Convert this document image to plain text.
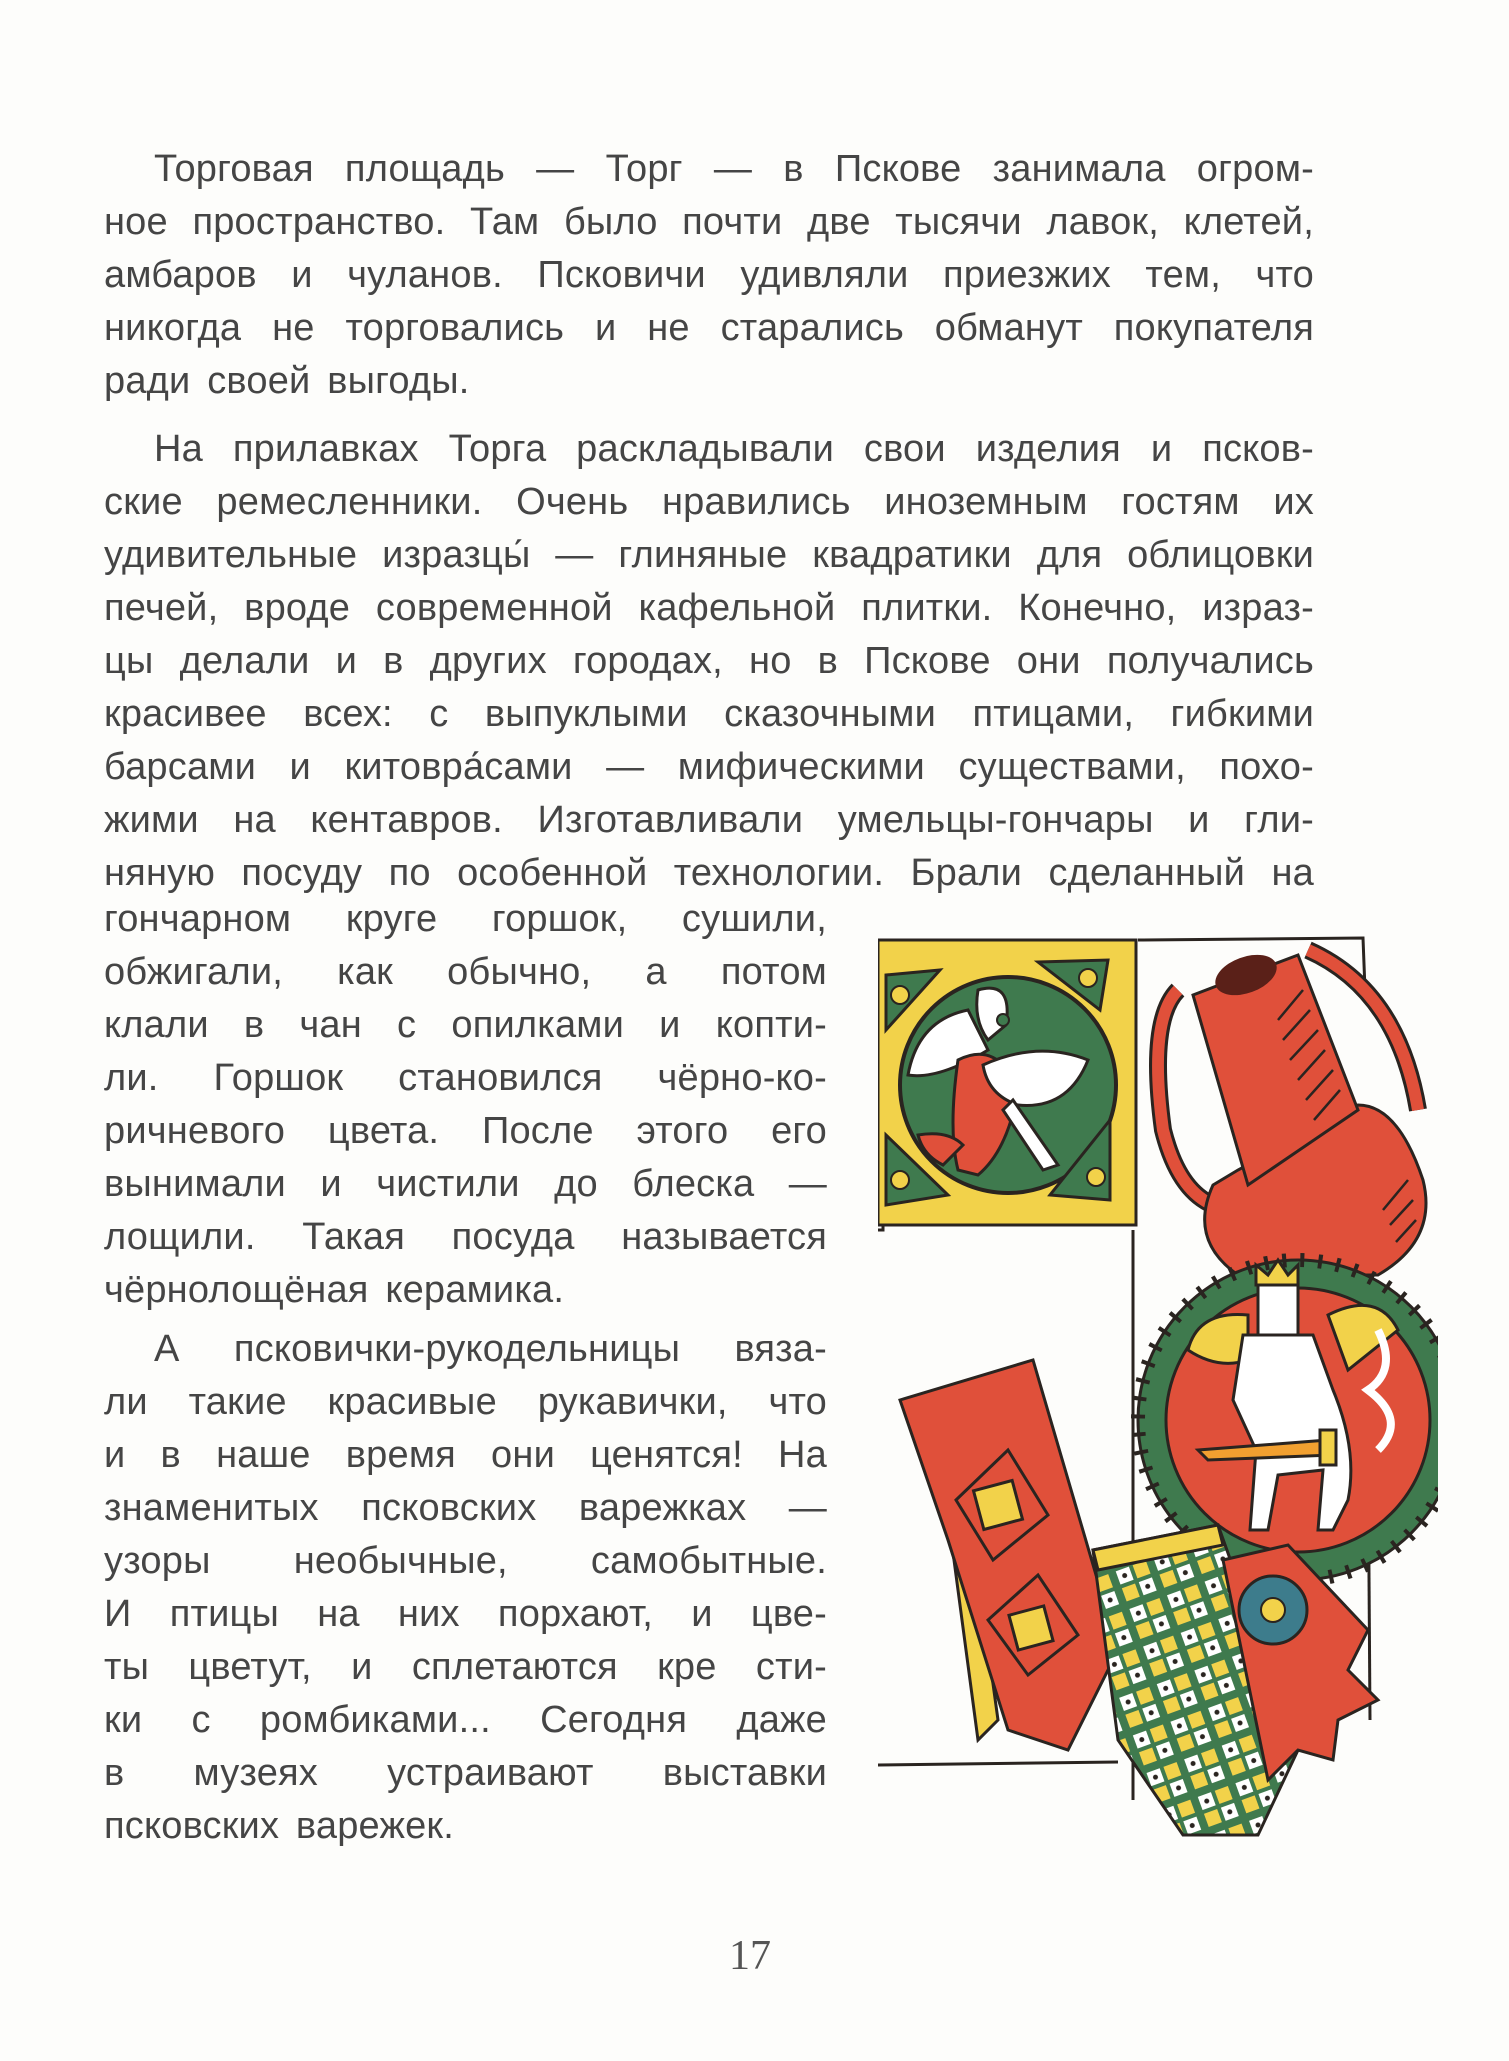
Торговая площадь — Торг — в Пскове занимала огром-
ное пространство. Там было почти две тысячи лавок, клетей,
амбаров и чуланов. Псковичи удивляли приезжих тем, что
никогда не торговались и не старались обманут покупателя
ради своей выгоды.
На прилавках Торга раскладывали свои изделия и псков-
ские ремесленники. Очень нравились иноземным гостям их
удивительные изразцы́ — глиняные квадратики для облицовки
печей, вроде современной кафельной плитки. Конечно, израз-
цы делали и в других городах, но в Пскове они получались
красивее всех: с выпуклыми сказочными птицами, гибкими
барсами и китовра́сами — мифическими существами, похо-
жими на кентавров. Изготавливали умельцы-гончары и гли-
няную посуду по особенной технологии. Брали сделанный на
гончарном круге горшок, сушили,
обжигали, как обычно, а потом
клали в чан с опилками и копти-
ли. Горшок становился чёрно-ко-
ричневого цвета. После этого его
вынимали и чистили до блеска —
лощили. Такая посуда называется
чёрнолощёная керамика.
А псковички-рукодельницы вяза-
ли такие красивые рукавички, что
и в наше время они ценятся! На
знаменитых псковских варежках —
узоры необычные, самобытные.
И птицы на них порхают, и цве-
ты цветут, и сплетаются кре сти-
ки с ромбиками... Сегодня даже
в музеях устраивают выставки
псковских варежек.
17
